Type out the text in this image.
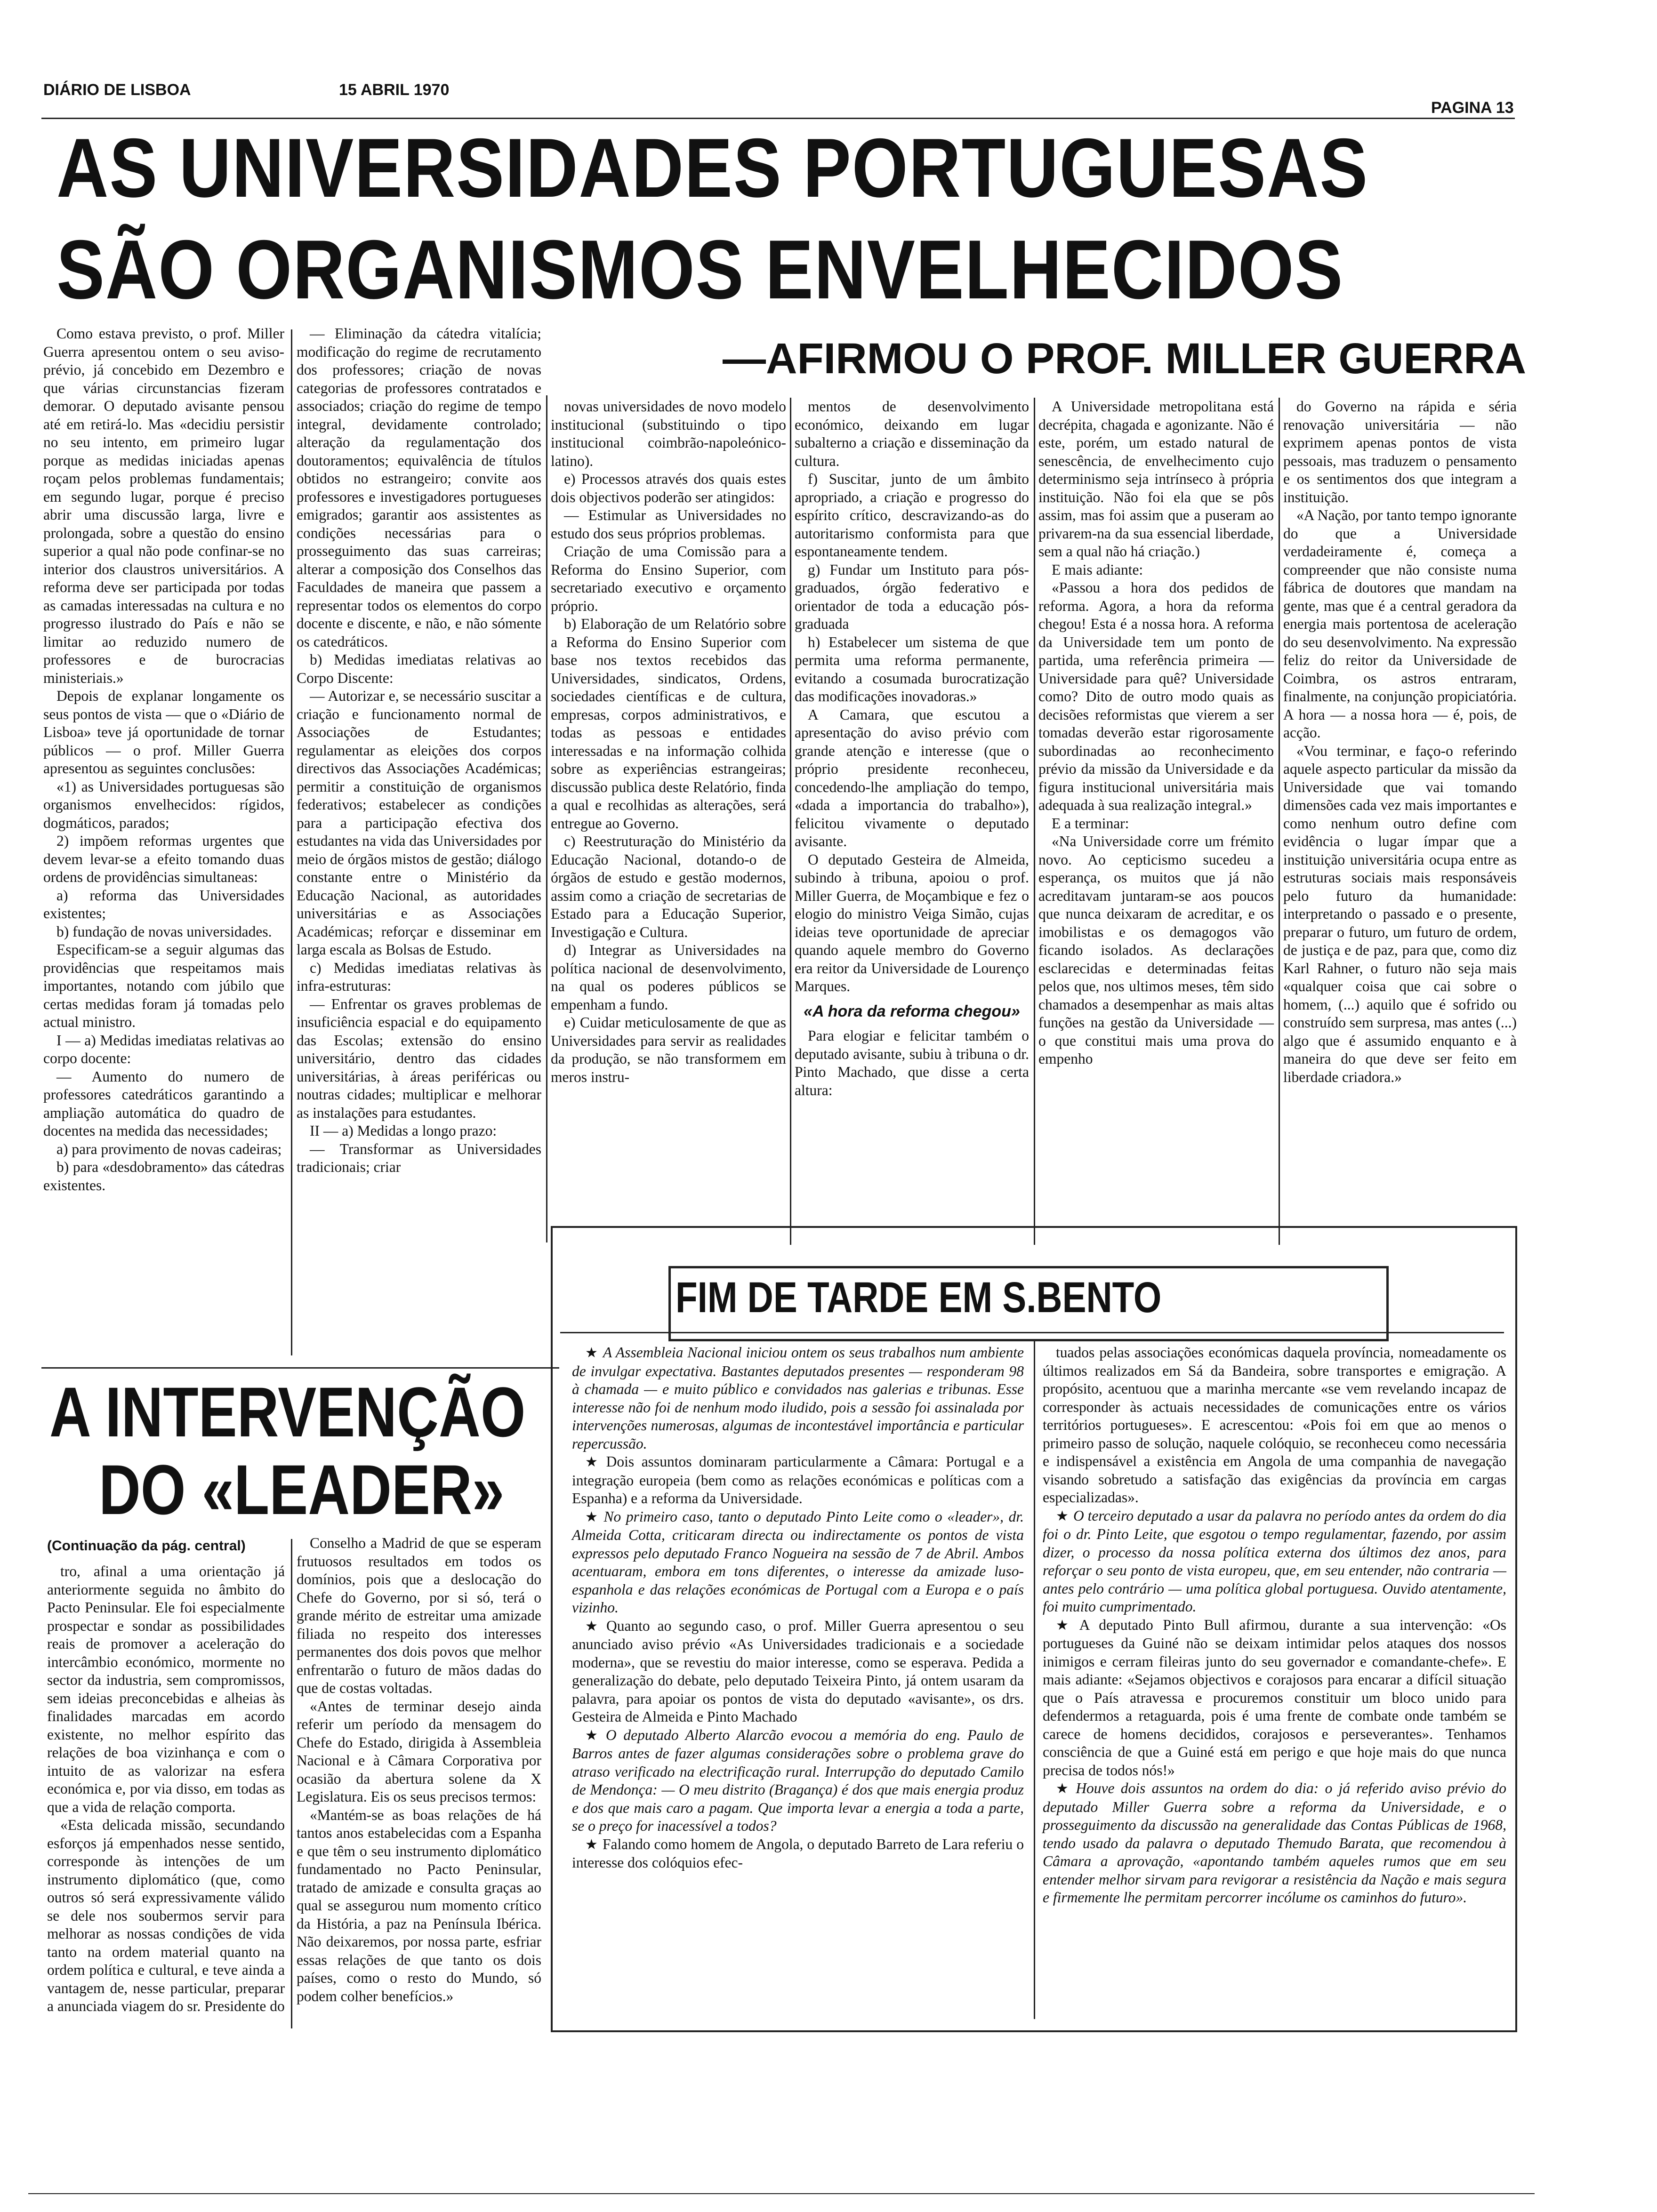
DIÁRIO DE LISBOA	15 ABRIL 1970
PAGINA 13
AS UNIVERSIDADES PORTUGUESAS
SÃO ORGANISMOS ENVELHECIDOS
—AFIRMOU O PROF. MILLER GUERRA

Como estava previsto, o prof. Miller Guerra apresentou ontem o seu aviso-prévio, já concebido em Dezembro e que várias circunstancias fizeram demorar. O deputado avisante pensou até em retirá-lo. Mas «decidiu persistir no seu intento, em primeiro lugar porque as medidas iniciadas apenas roçam pelos problemas fundamentais; em segundo lugar, porque é preciso abrir uma discussão larga, livre e prolongada, sobre a questão do ensino superior a qual não pode confinar-se no interior dos claustros universitários. A reforma deve ser participada por todas as camadas interessadas na cultura e no progresso ilustrado do País e não se limitar ao reduzido numero de professores e de burocracias ministeriais.»

Depois de explanar longamente os seus pontos de vista — que o «Diário de Lisboa» teve já oportunidade de tornar públicos — o prof. Miller Guerra apresentou as seguintes conclusões:

«1) as Universidades portuguesas são organismos envelhecidos: rígidos, dogmáticos, parados;

2) impõem reformas urgentes que devem levar-se a efeito tomando duas ordens de providências simultaneas:

a) reforma das Universidades existentes;

b) fundação de novas universidades.

Especificam-se a seguir algumas das providências que respeitamos mais importantes, notando com júbilo que certas medidas foram já tomadas pelo actual ministro.

I — a) Medidas imediatas relativas ao corpo docente:

— Aumento do numero de professores catedráticos garantindo a ampliação automática do quadro de docentes na medida das necessidades;

a) para provimento de novas cadeiras;

b) para «desdobramento» das cátedras existentes.

— Eliminação da cátedra vitalícia; modificação do regime de recrutamento dos professores; criação de novas categorias de professores contratados e associados; criação do regime de tempo integral, devidamente controlado; alteração da regulamentação dos doutoramentos; equivalência de títulos obtidos no estrangeiro; convite aos professores e investigadores portugueses emigrados; garantir aos assistentes as condições necessárias para o prosseguimento das suas carreiras; alterar a composição dos Conselhos das Faculdades de maneira que passem a representar todos os elementos do corpo docente e discente, e não, e não sómente os catedráticos.

b) Medidas imediatas relativas ao Corpo Discente:

— Autorizar e, se necessário suscitar a criação e funcionamento normal de Associações de Estudantes; regulamentar as eleições dos corpos directivos das Associações Académicas; permitir a constituição de organismos federativos; estabelecer as condições para a participação efectiva dos estudantes na vida das Universidades por meio de órgãos mistos de gestão; diálogo constante entre o Ministério da Educação Nacional, as autoridades universitárias e as Associações Académicas; reforçar e disseminar em larga escala as Bolsas de Estudo.

c) Medidas imediatas relativas às infra-estruturas:

— Enfrentar os graves problemas de insuficiência espacial e do equipamento das Escolas; extensão do ensino universitário, dentro das cidades universitárias, à áreas periféricas ou noutras cidades; multiplicar e melhorar as instalações para estudantes.

II — a) Medidas a longo prazo:

— Transformar as Universidades tradicionais; criar

novas universidades de novo modelo institucional (substituindo o tipo institucional coimbrão-napoleónico-latino).

e) Processos através dos quais estes dois objectivos poderão ser atingidos:

— Estimular as Universidades no estudo dos seus próprios problemas.

Criação de uma Comissão para a Reforma do Ensino Superior, com secretariado executivo e orçamento próprio.

b) Elaboração de um Relatório sobre a Reforma do Ensino Superior com base nos textos recebidos das Universidades, sindicatos, Ordens, sociedades científicas e de cultura, empresas, corpos administrativos, e todas as pessoas e entidades interessadas e na informação colhida sobre as experiências estrangeiras; discussão publica deste Relatório, finda a qual e recolhidas as alterações, será entregue ao Governo.

c) Reestruturação do Ministério da Educação Nacional, dotando-o de órgãos de estudo e gestão modernos, assim como a criação de secretarias de Estado para a Educação Superior, Investigação e Cultura.

d) Integrar as Universidades na política nacional de desenvolvimento, na qual os poderes públicos se empenham a fundo.

e) Cuidar meticulosamente de que as Universidades para servir as realidades da produção, se não transformem em meros instru-

mentos de desenvolvimento económico, deixando em lugar subalterno a criação e disseminação da cultura.

f) Suscitar, junto de um âmbito apropriado, a criação e progresso do espírito crítico, descravizando-as do autoritarismo conformista para que espontaneamente tendem.

g) Fundar um Instituto para pós-graduados, órgão federativo e orientador de toda a educação pós-graduada

h) Estabelecer um sistema de que permita uma reforma permanente, evitando a cosumada burocratização das modificações inovadoras.»

A Camara, que escutou a apresentação do aviso prévio com grande atenção e interesse (que o próprio presidente reconheceu, concedendo-lhe ampliação do tempo, «dada a importancia do trabalho»), felicitou vivamente o deputado avisante.

O deputado Gesteira de Almeida, subindo à tribuna, apoiou o prof. Miller Guerra, de Moçambique e fez o elogio do ministro Veiga Simão, cujas ideias teve oportunidade de apreciar quando aquele membro do Governo era reitor da Universidade de Lourenço Marques.

«A hora da reforma chegou»

Para elogiar e felicitar também o deputado avisante, subiu à tribuna o dr. Pinto Machado, que disse a certa altura:

A Universidade metropolitana está decrépita, chagada e agonizante. Não é este, porém, um estado natural de senescência, de envelhecimento cujo determinismo seja intrínseco à própria instituição. Não foi ela que se pôs assim, mas foi assim que a puseram ao privarem-na da sua essencial liberdade, sem a qual não há criação.)

E mais adiante:

«Passou a hora dos pedidos de reforma. Agora, a hora da reforma chegou! Esta é a nossa hora. A reforma da Universidade tem um ponto de partida, uma referência primeira — Universidade para quê? Universidade como? Dito de outro modo quais as decisões reformistas que vierem a ser tomadas deverão estar rigorosamente subordinadas ao reconhecimento prévio da missão da Universidade e da figura institucional universitária mais adequada à sua realização integral.»

E a terminar:

«Na Universidade corre um frémito novo. Ao cepticismo sucedeu a esperança, os muitos que já não acreditavam juntaram-se aos poucos que nunca deixaram de acreditar, e os imobilistas e os demagogos vão ficando isolados. As declarações esclarecidas e determinadas feitas pelos que, nos ultimos meses, têm sido chamados a desempenhar as mais altas funções na gestão da Universidade — o que constitui mais uma prova do empenho

do Governo na rápida e séria renovação universitária — não exprimem apenas pontos de vista pessoais, mas traduzem o pensamento e os sentimentos dos que integram a instituição.

«A Nação, por tanto tempo ignorante do que a Universidade verdadeiramente é, começa a compreender que não consiste numa fábrica de doutores que mandam na gente, mas que é a central geradora da energia mais portentosa de aceleração do seu desenvolvimento. Na expressão feliz do reitor da Universidade de Coimbra, os astros entraram, finalmente, na conjunção propiciatória. A hora — a nossa hora — é, pois, de acção.

«Vou terminar, e faço-o referindo aquele aspecto particular da missão da Universidade que vai tomando dimensões cada vez mais importantes e como nenhum outro define com evidência o lugar ímpar que a instituição universitária ocupa entre as estruturas sociais mais responsáveis pelo futuro da humanidade: interpretando o passado e o presente, preparar o futuro, um futuro de ordem, de justiça e de paz, para que, como diz Karl Rahner, o futuro não seja mais «qualquer coisa que cai sobre o homem, (...) aquilo que é sofrido ou construído sem surpresa, mas antes (...) algo que é assumido enquanto e à maneira do que deve ser feito em liberdade criadora.»

A INTERVENÇÃO
DO «LEADER»
(Continuação da pág. central)

tro, afinal a uma orientação já anteriormente seguida no âmbito do Pacto Peninsular. Ele foi especialmente prospectar e sondar as possibilidades reais de promover a aceleração do intercâmbio económico, mormente no sector da industria, sem compromissos, sem ideias preconcebidas e alheias às finalidades marcadas em acordo existente, no melhor espírito das relações de boa vizinhança e com o intuito de as valorizar na esfera económica e, por via disso, em todas as que a vida de relação comporta.

«Esta delicada missão, secundando esforços já empenhados nesse sentido, corresponde às intenções de um instrumento diplomático (que, como outros só será expressivamente válido se dele nos soubermos servir para melhorar as nossas condições de vida tanto na ordem material quanto na ordem política e cultural, e teve ainda a vantagem de, nesse particular, preparar a anunciada viagem do sr. Presidente do

Conselho a Madrid de que se esperam frutuosos resultados em todos os domínios, pois que a deslocação do Chefe do Governo, por si só, terá o grande mérito de estreitar uma amizade filiada no respeito dos interesses permanentes dos dois povos que melhor enfrentarão o futuro de mãos dadas do que de costas voltadas.

«Antes de terminar desejo ainda referir um período da mensagem do Chefe do Estado, dirigida à Assembleia Nacional e à Câmara Corporativa por ocasião da abertura solene da X Legislatura. Eis os seus precisos termos:

«Mantém-se as boas relações de há tantos anos estabelecidas com a Espanha e que têm o seu instrumento diplomático fundamentado no Pacto Peninsular, tratado de amizade e consulta graças ao qual se assegurou num momento crítico da História, a paz na Península Ibérica. Não deixaremos, por nossa parte, esfriar essas relações de que tanto os dois países, como o resto do Mundo, só podem colher benefícios.»

FIM DE TARDE EM S.BENTO

★ A Assembleia Nacional iniciou ontem os seus trabalhos num ambiente de invulgar expectativa. Bastantes deputados presentes — responderam 98 à chamada — e muito público e convidados nas galerias e tribunas. Esse interesse não foi de nenhum modo iludido, pois a sessão foi assinalada por intervenções numerosas, algumas de incontestável importância e particular repercussão.

★ Dois assuntos dominaram particularmente a Câmara: Portugal e a integração europeia (bem como as relações económicas e políticas com a Espanha) e a reforma da Universidade.

★ No primeiro caso, tanto o deputado Pinto Leite como o «leader», dr. Almeida Cotta, criticaram directa ou indirectamente os pontos de vista expressos pelo deputado Franco Nogueira na sessão de 7 de Abril. Ambos acentuaram, embora em tons diferentes, o interesse da amizade luso-espanhola e das relações económicas de Portugal com a Europa e o país vizinho.

★ Quanto ao segundo caso, o prof. Miller Guerra apresentou o seu anunciado aviso prévio «As Universidades tradicionais e a sociedade moderna», que se revestiu do maior interesse, como se esperava. Pedida a generalização do debate, pelo deputado Teixeira Pinto, já ontem usaram da palavra, para apoiar os pontos de vista do deputado «avisante», os drs. Gesteira de Almeida e Pinto Machado

★ O deputado Alberto Alarcão evocou a memória do eng. Paulo de Barros antes de fazer algumas considerações sobre o problema grave do atraso verificado na electrificação rural. Interrupção do deputado Camilo de Mendonça: — O meu distrito (Bragança) é dos que mais energia produz e dos que mais caro a pagam. Que importa levar a energia a toda a parte, se o preço for inacessível a todos?

★ Falando como homem de Angola, o deputado Barreto de Lara referiu o interesse dos colóquios efec-

tuados pelas associações económicas daquela província, nomeadamente os últimos realizados em Sá da Bandeira, sobre transportes e emigração. A propósito, acentuou que a marinha mercante «se vem revelando incapaz de corresponder às actuais necessidades de comunicações entre os vários territórios portugueses». E acrescentou: «Pois foi em que ao menos o primeiro passo de solução, naquele colóquio, se reconheceu como necessária e indispensável a existência em Angola de uma companhia de navegação visando sobretudo a satisfação das exigências da província em cargas especializadas».

★ O terceiro deputado a usar da palavra no período antes da ordem do dia foi o dr. Pinto Leite, que esgotou o tempo regulamentar, fazendo, por assim dizer, o processo da nossa política externa dos últimos dez anos, para reforçar o seu ponto de vista europeu, que, em seu entender, não contraria — antes pelo contrário — uma política global portuguesa. Ouvido atentamente, foi muito cumprimentado.

★ A deputado Pinto Bull afirmou, durante a sua intervenção: «Os portugueses da Guiné não se deixam intimidar pelos ataques dos nossos inimigos e cerram fileiras junto do seu governador e comandante-chefe». E mais adiante: «Sejamos objectivos e corajosos para encarar a difícil situação que o País atravessa e procuremos constituir um bloco unido para defendermos a retaguarda, pois é uma frente de combate onde também se carece de homens decididos, corajosos e perseverantes». Tenhamos consciência de que a Guiné está em perigo e que hoje mais do que nunca precisa de todos nós!»

★ Houve dois assuntos na ordem do dia: o já referido aviso prévio do deputado Miller Guerra sobre a reforma da Universidade, e o prosseguimento da discussão na generalidade das Contas Públicas de 1968, tendo usado da palavra o deputado Themudo Barata, que recomendou à Câmara a aprovação, «apontando também aqueles rumos que em seu entender melhor sirvam para revigorar a resistência da Nação e mais segura e firmemente lhe permitam percorrer incólume os caminhos do futuro».
